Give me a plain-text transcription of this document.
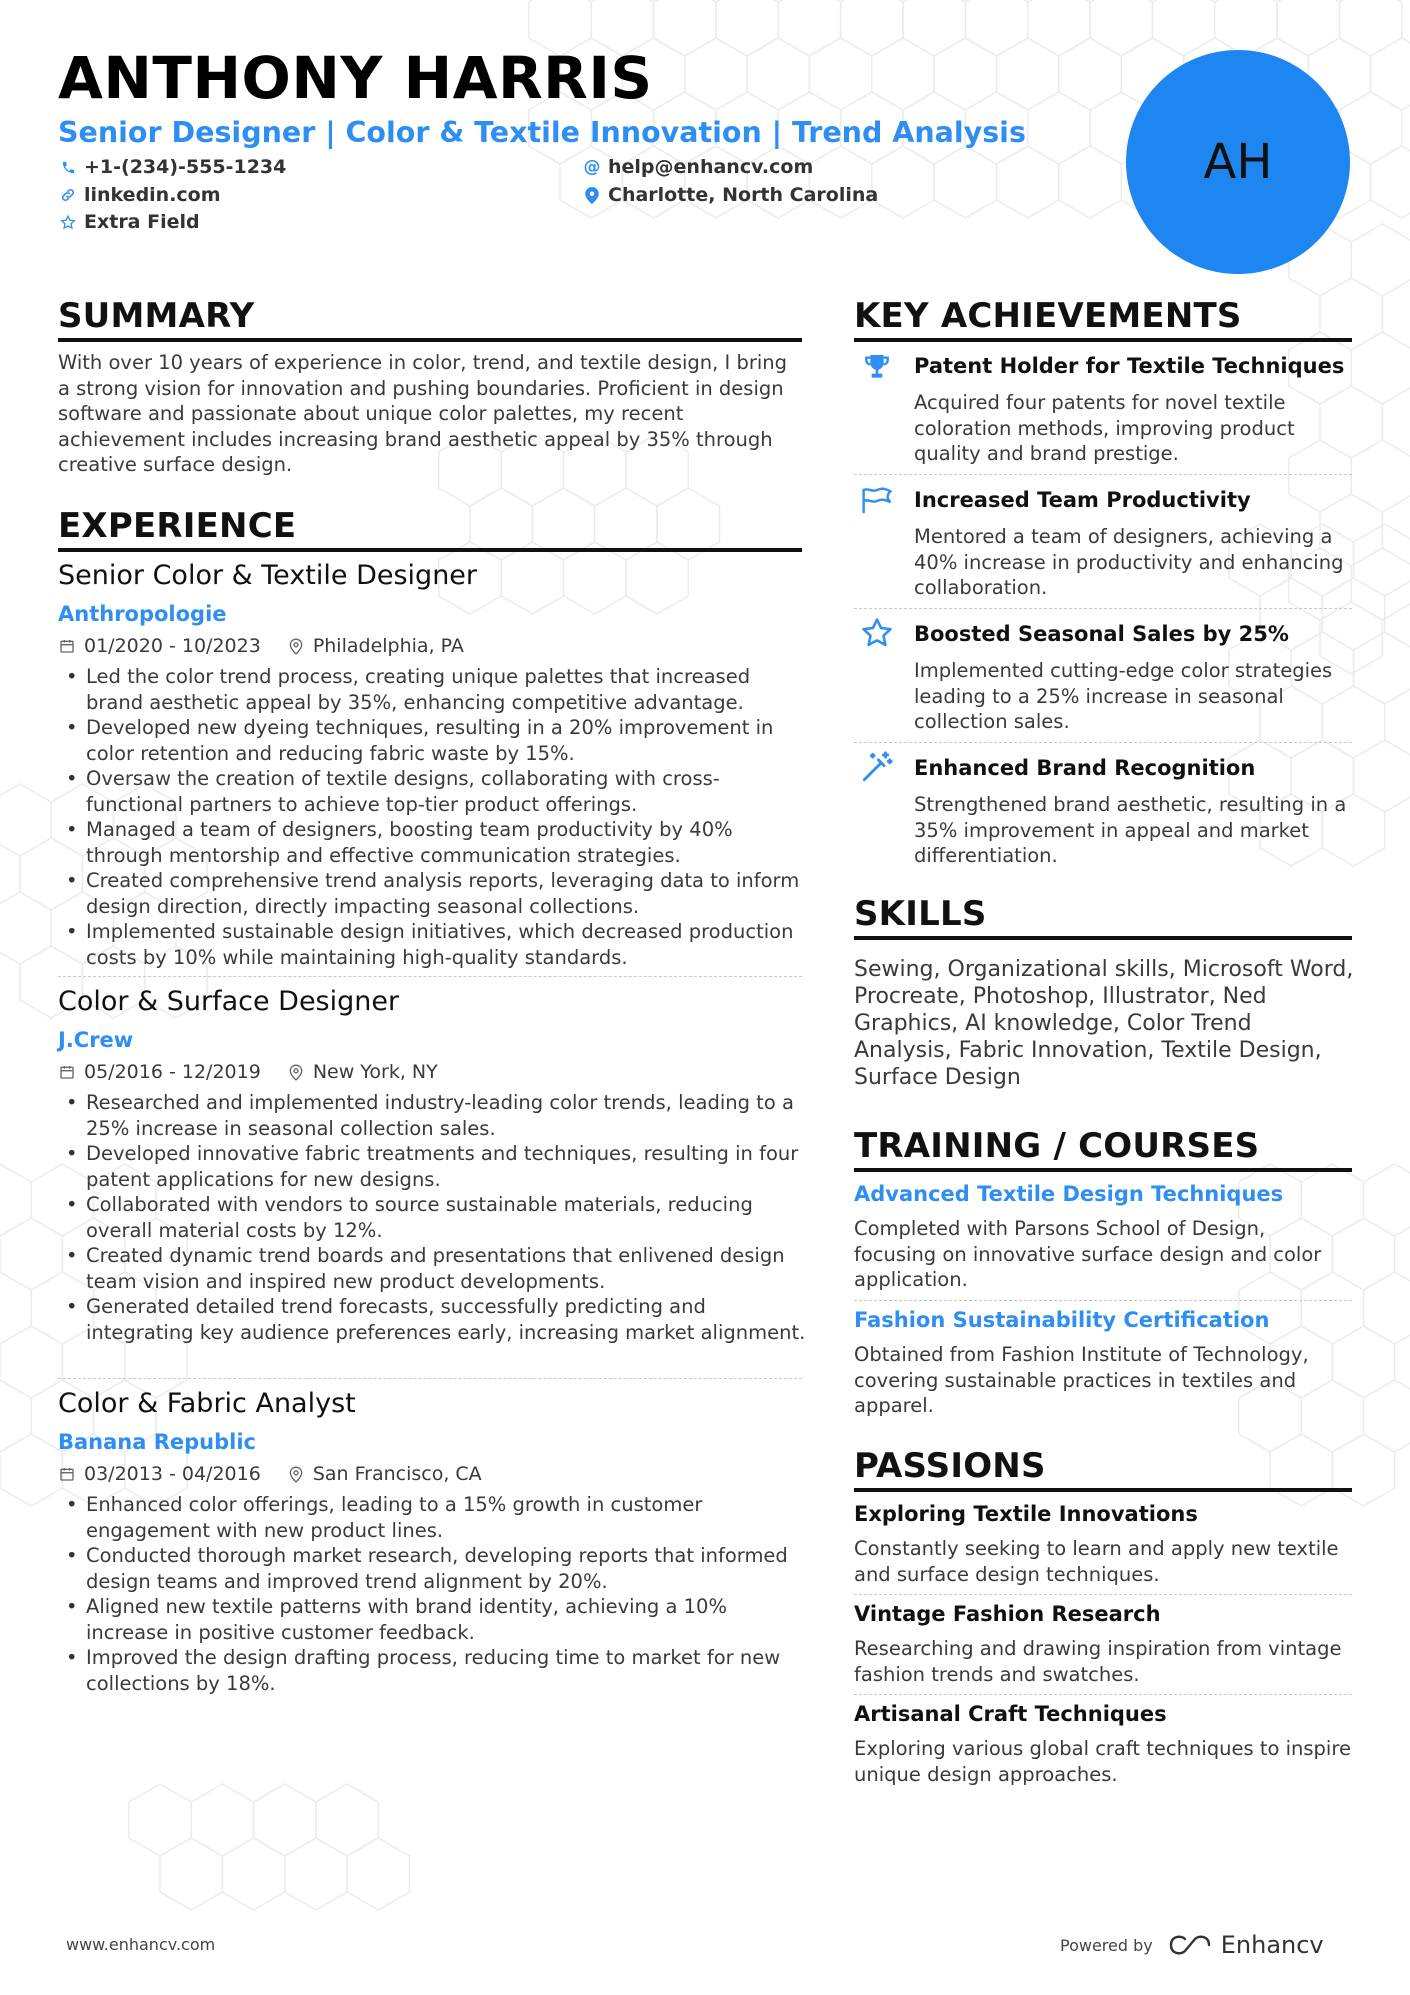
ANTHONY HARRIS
Senior Designer | Color & Textile Innovation | Trend Analysis
+1-(234)-555-1234	@ help@enhancv.com
linkedin.com	Charlotte, North Carolina
Extra Field
AH
SUMMARY
With over 10 years of experience in color, trend, and textile design, I bring a strong vision for innovation and pushing boundaries. Proficient in design software and passionate about unique color palettes, my recent achievement includes increasing brand aesthetic appeal by 35% through creative surface design.
EXPERIENCE
Senior Color & Textile Designer
Anthropologie
01/2020 - 10/2023	Philadelphia, PA
• Led the color trend process, creating unique palettes that increased brand aesthetic appeal by 35%, enhancing competitive advantage.
• Developed new dyeing techniques, resulting in a 20% improvement in color retention and reducing fabric waste by 15%.
• Oversaw the creation of textile designs, collaborating with cross-functional partners to achieve top-tier product offerings.
• Managed a team of designers, boosting team productivity by 40% through mentorship and effective communication strategies.
• Created comprehensive trend analysis reports, leveraging data to inform design direction, directly impacting seasonal collections.
• Implemented sustainable design initiatives, which decreased production costs by 10% while maintaining high-quality standards.
Color & Surface Designer
J.Crew
05/2016 - 12/2019	New York, NY
• Researched and implemented industry-leading color trends, leading to a 25% increase in seasonal collection sales.
• Developed innovative fabric treatments and techniques, resulting in four patent applications for new designs.
• Collaborated with vendors to source sustainable materials, reducing overall material costs by 12%.
• Created dynamic trend boards and presentations that enlivened design team vision and inspired new product developments.
• Generated detailed trend forecasts, successfully predicting and integrating key audience preferences early, increasing market alignment.
Color & Fabric Analyst
Banana Republic
03/2013 - 04/2016	San Francisco, CA
• Enhanced color offerings, leading to a 15% growth in customer engagement with new product lines.
• Conducted thorough market research, developing reports that informed design teams and improved trend alignment by 20%.
• Aligned new textile patterns with brand identity, achieving a 10% increase in positive customer feedback.
• Improved the design drafting process, reducing time to market for new collections by 18%.
KEY ACHIEVEMENTS
Patent Holder for Textile Techniques
Acquired four patents for novel textile coloration methods, improving product quality and brand prestige.
Increased Team Productivity
Mentored a team of designers, achieving a 40% increase in productivity and enhancing collaboration.
Boosted Seasonal Sales by 25%
Implemented cutting-edge color strategies leading to a 25% increase in seasonal collection sales.
Enhanced Brand Recognition
Strengthened brand aesthetic, resulting in a 35% improvement in appeal and market differentiation.
SKILLS
Sewing, Organizational skills, Microsoft Word, Procreate, Photoshop, Illustrator, Ned Graphics, AI knowledge, Color Trend Analysis, Fabric Innovation, Textile Design, Surface Design
TRAINING / COURSES
Advanced Textile Design Techniques
Completed with Parsons School of Design, focusing on innovative surface design and color application.
Fashion Sustainability Certification
Obtained from Fashion Institute of Technology, covering sustainable practices in textiles and apparel.
PASSIONS
Exploring Textile Innovations
Constantly seeking to learn and apply new textile and surface design techniques.
Vintage Fashion Research
Researching and drawing inspiration from vintage fashion trends and swatches.
Artisanal Craft Techniques
Exploring various global craft techniques to inspire unique design approaches.
www.enhancv.com	Powered by	Enhancv
